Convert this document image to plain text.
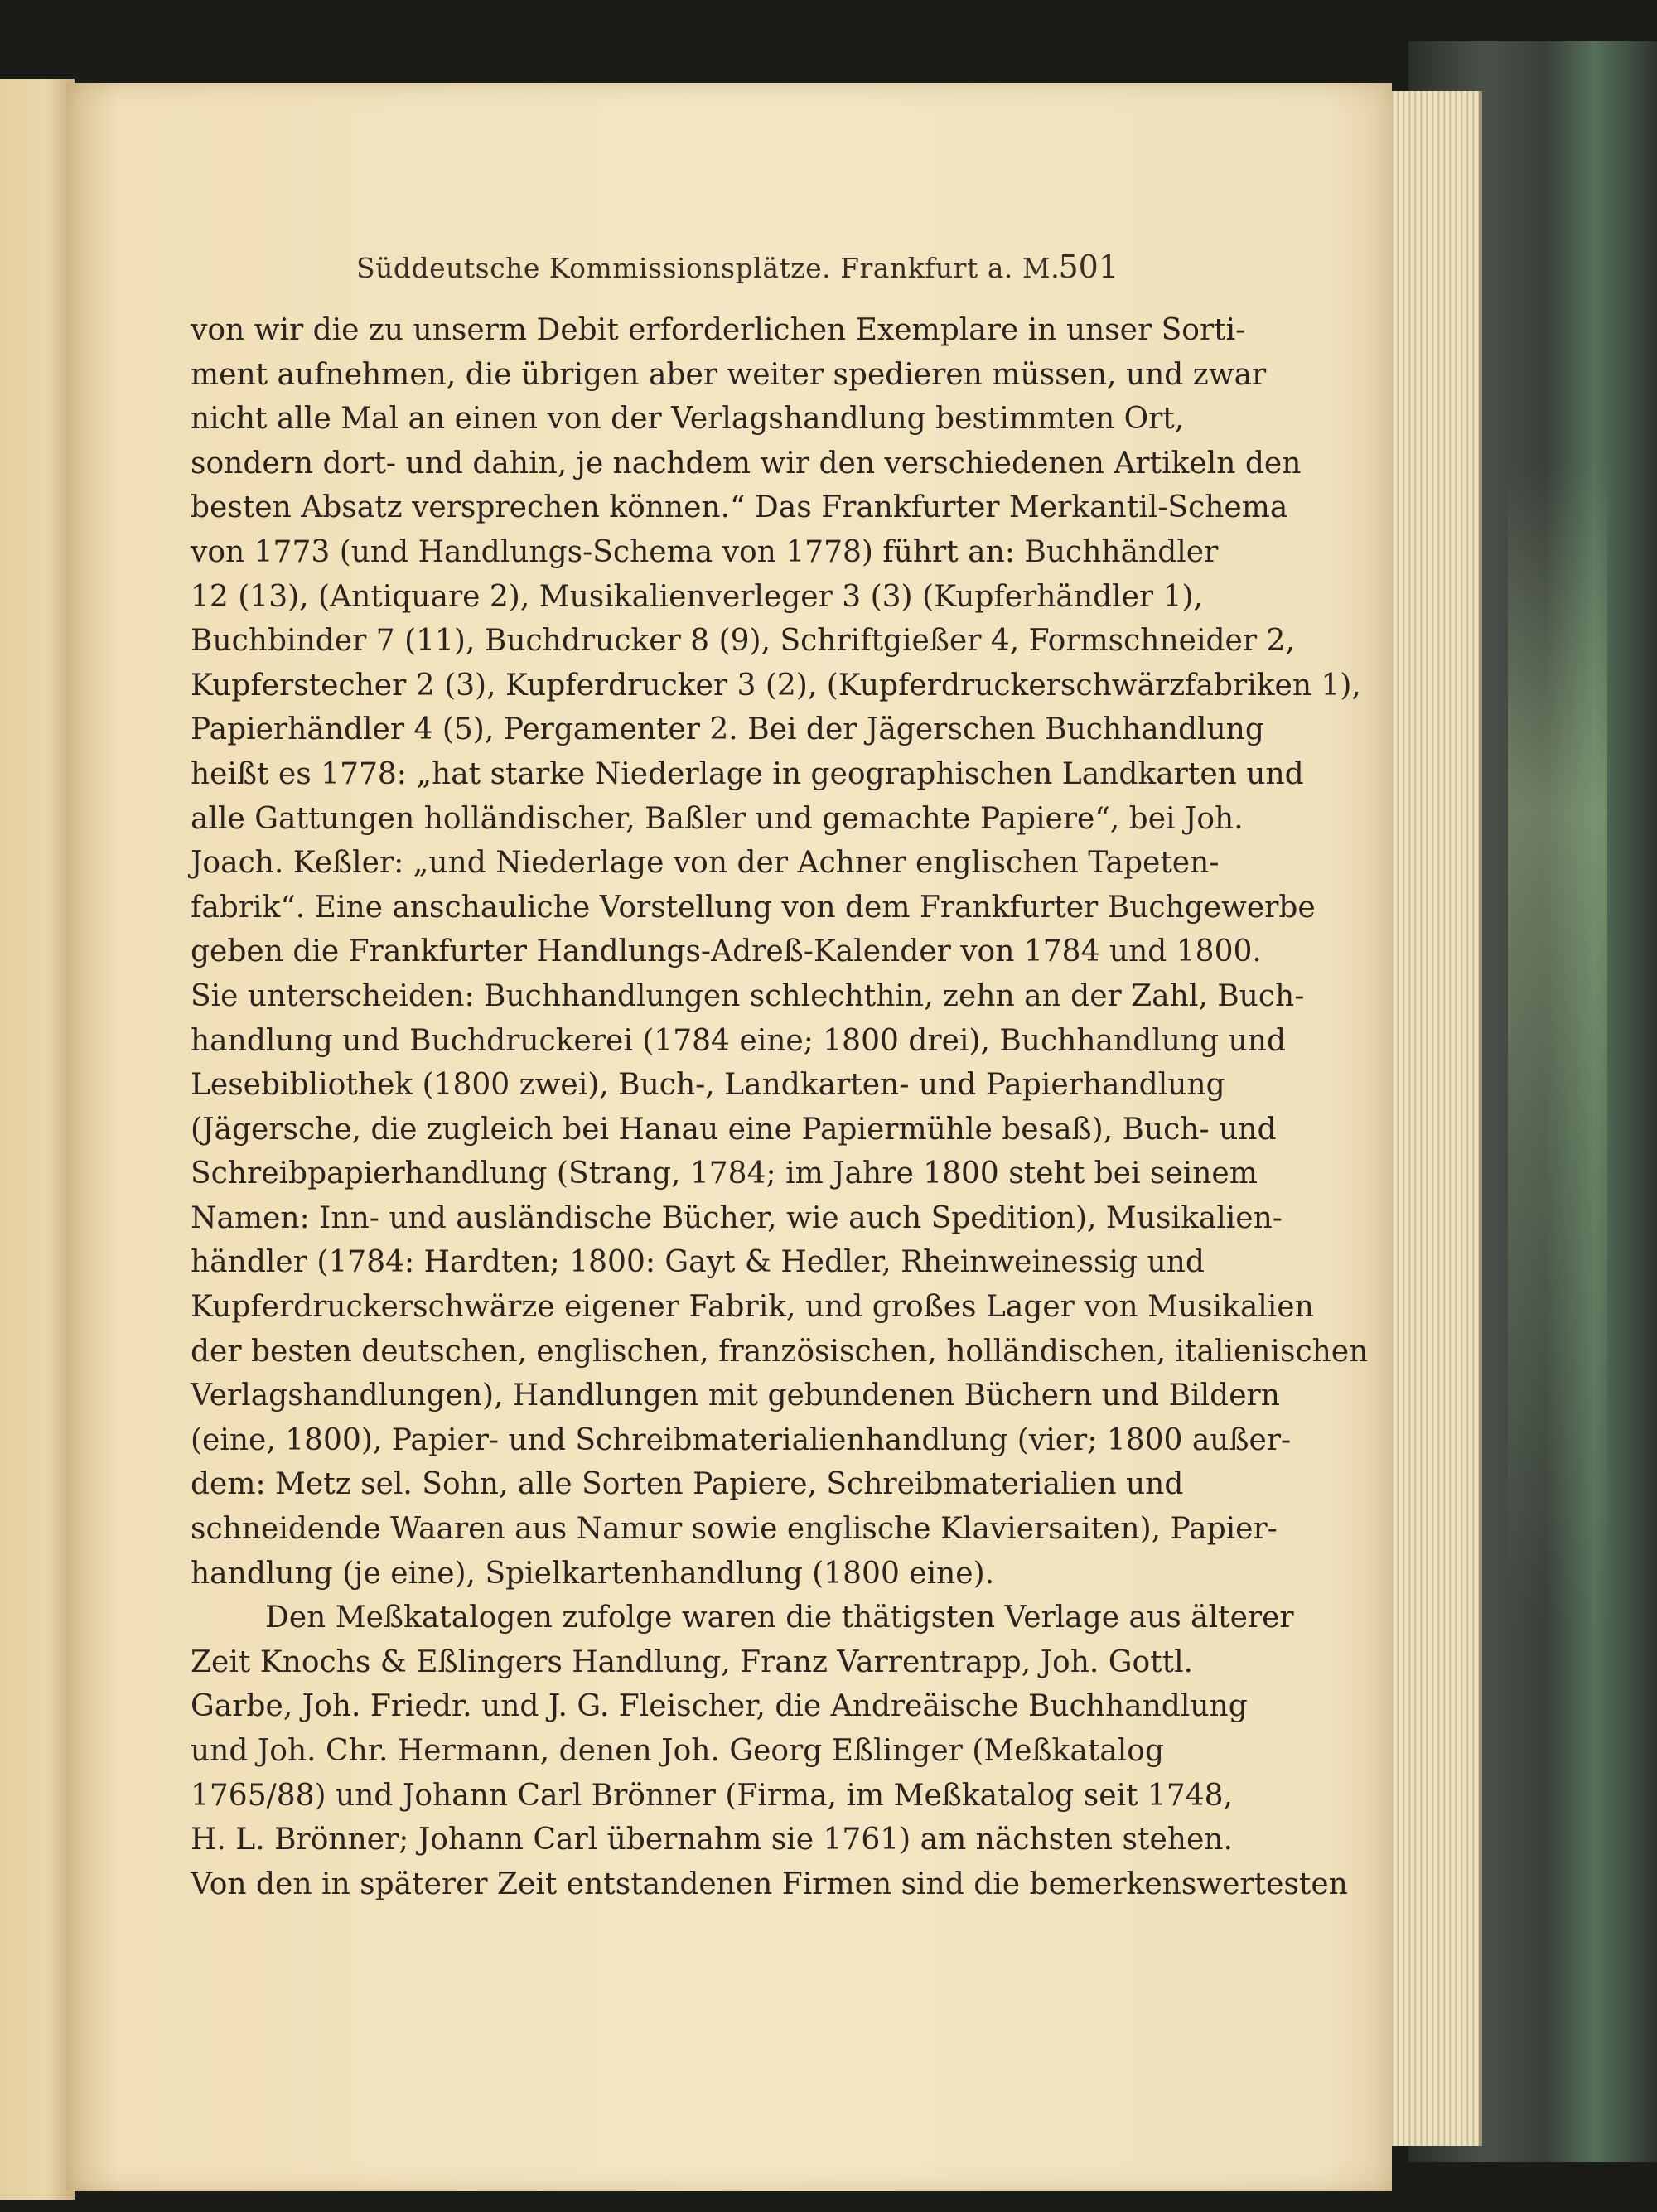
Süddeutsche Kommissionsplätze. Frankfurt a. M.
501
von wir die zu unserm Debit erforderlichen Exemplare in unser Sorti-
ment aufnehmen, die übrigen aber weiter spedieren müssen, und zwar
nicht alle Mal an einen von der Verlagshandlung bestimmten Ort,
sondern dort- und dahin, je nachdem wir den verschiedenen Artikeln den
besten Absatz versprechen können.“ Das Frankfurter Merkantil-Schema
von 1773 (und Handlungs-Schema von 1778) führt an: Buchhändler
12 (13), (Antiquare 2), Musikalienverleger 3 (3) (Kupferhändler 1),
Buchbinder 7 (11), Buchdrucker 8 (9), Schriftgießer 4, Formschneider 2,
Kupferstecher 2 (3), Kupferdrucker 3 (2), (Kupferdruckerschwärzfabriken 1),
Papierhändler 4 (5), Pergamenter 2. Bei der Jägerschen Buchhandlung
heißt es 1778: „hat starke Niederlage in geographischen Landkarten und
alle Gattungen holländischer, Baßler und gemachte Papiere“, bei Joh.
Joach. Keßler: „und Niederlage von der Achner englischen Tapeten-
fabrik“. Eine anschauliche Vorstellung von dem Frankfurter Buchgewerbe
geben die Frankfurter Handlungs-Adreß-Kalender von 1784 und 1800.
Sie unterscheiden: Buchhandlungen schlechthin, zehn an der Zahl, Buch-
handlung und Buchdruckerei (1784 eine; 1800 drei), Buchhandlung und
Lesebibliothek (1800 zwei), Buch-, Landkarten- und Papierhandlung
(Jägersche, die zugleich bei Hanau eine Papiermühle besaß), Buch- und
Schreibpapierhandlung (Strang, 1784; im Jahre 1800 steht bei seinem
Namen: Inn- und ausländische Bücher, wie auch Spedition), Musikalien-
händler (1784: Hardten; 1800: Gayt & Hedler, Rheinweinessig und
Kupferdruckerschwärze eigener Fabrik, und großes Lager von Musikalien
der besten deutschen, englischen, französischen, holländischen, italienischen
Verlagshandlungen), Handlungen mit gebundenen Büchern und Bildern
(eine, 1800), Papier- und Schreibmaterialienhandlung (vier; 1800 außer-
dem: Metz sel. Sohn, alle Sorten Papiere, Schreibmaterialien und
schneidende Waaren aus Namur sowie englische Klaviersaiten), Papier-
handlung (je eine), Spielkartenhandlung (1800 eine).
Den Meßkatalogen zufolge waren die thätigsten Verlage aus älterer
Zeit Knochs & Eßlingers Handlung, Franz Varrentrapp, Joh. Gottl.
Garbe, Joh. Friedr. und J. G. Fleischer, die Andreäische Buchhandlung
und Joh. Chr. Hermann, denen Joh. Georg Eßlinger (Meßkatalog
1765/88) und Johann Carl Brönner (Firma, im Meßkatalog seit 1748,
H. L. Brönner; Johann Carl übernahm sie 1761) am nächsten stehen.
Von den in späterer Zeit entstandenen Firmen sind die bemerkenswertesten
